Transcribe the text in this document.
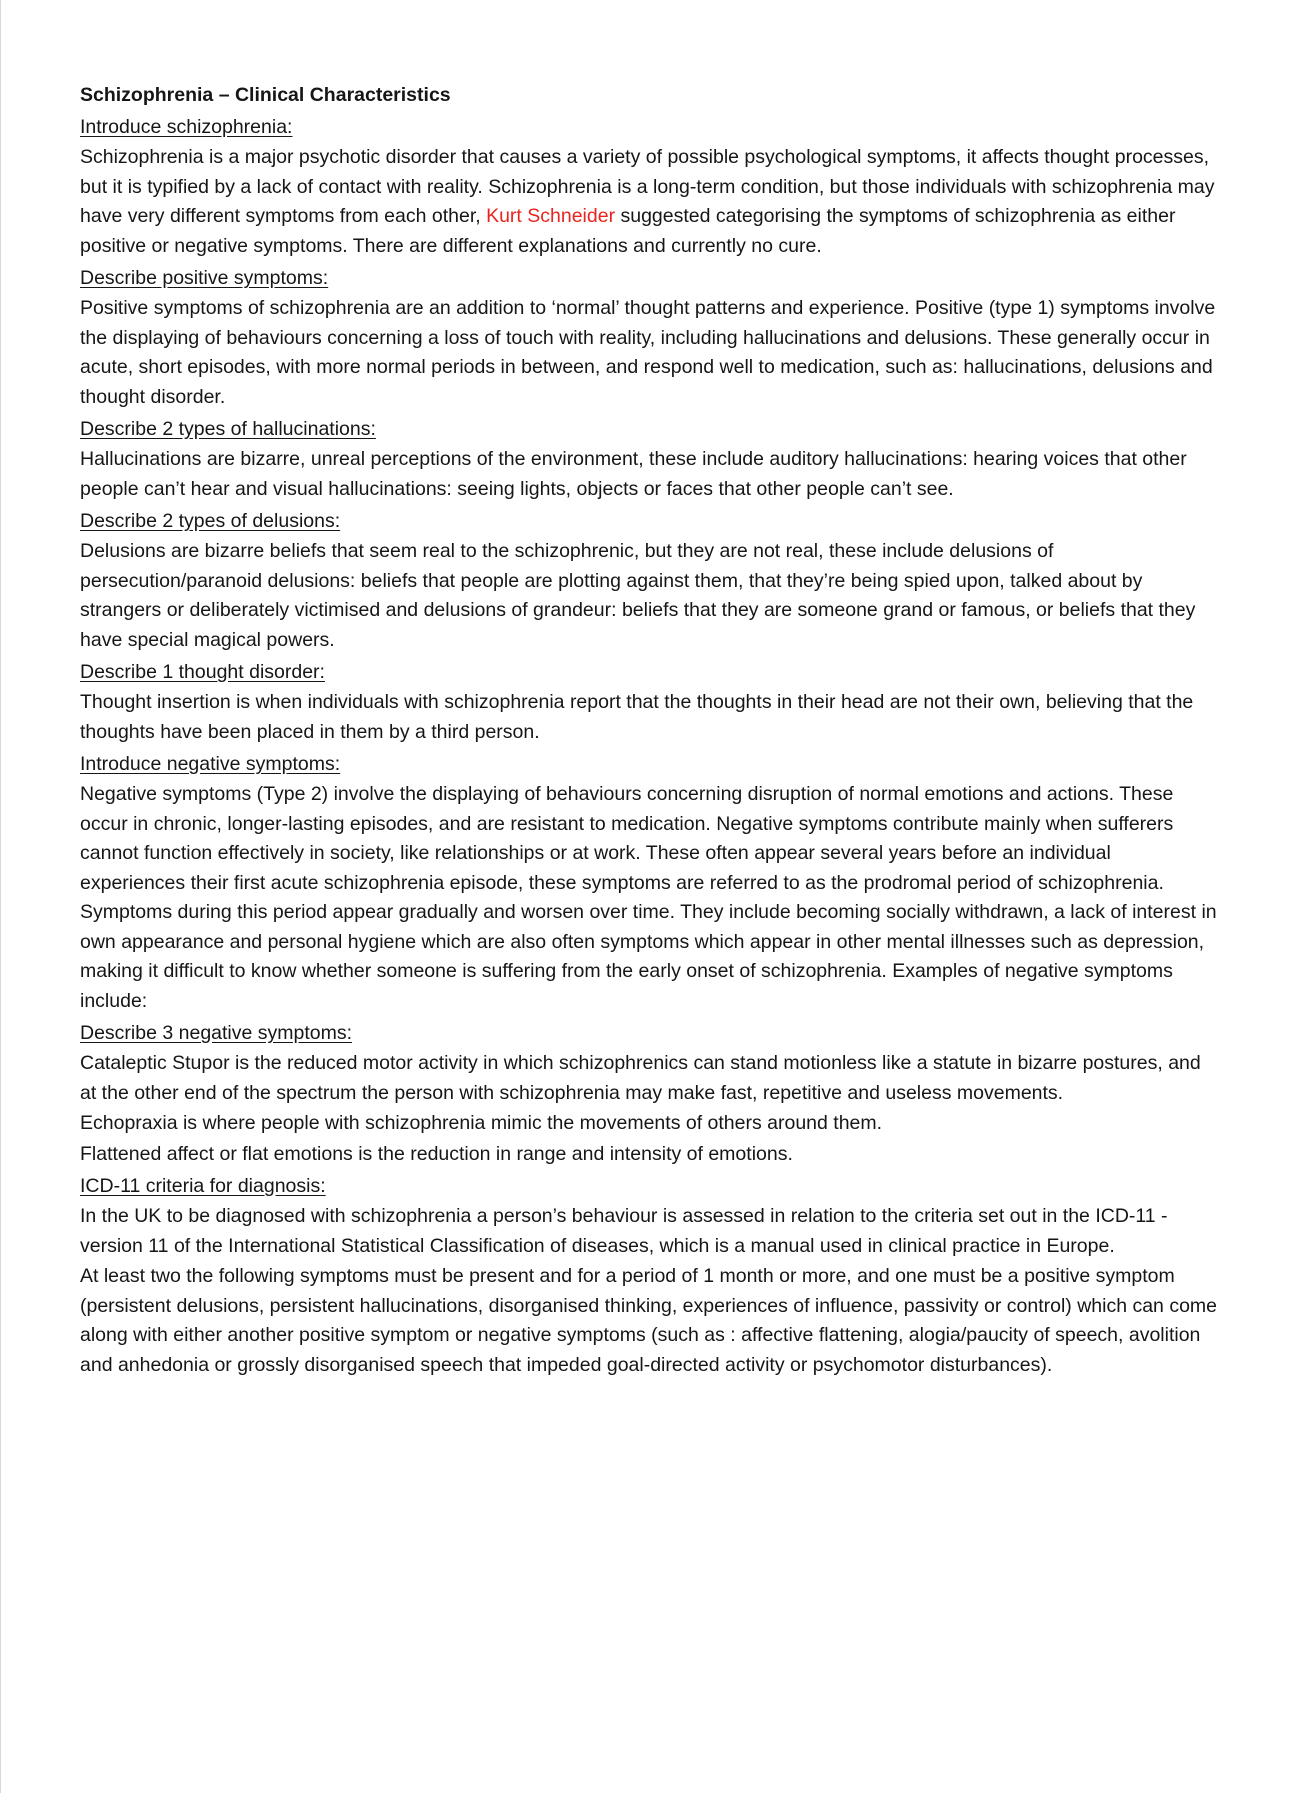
Schizophrenia – Clinical Characteristics
Introduce schizophrenia:
Schizophrenia is a major psychotic disorder that causes a variety of possible psychological symptoms, it affects thought processes, but it is typified by a lack of contact with reality. Schizophrenia is a long-term condition, but those individuals with schizophrenia may have very different symptoms from each other, Kurt Schneider suggested categorising the symptoms of schizophrenia as either positive or negative symptoms. There are different explanations and currently no cure.
Describe positive symptoms:
Positive symptoms of schizophrenia are an addition to ‘normal’ thought patterns and experience. Positive (type 1) symptoms involve the displaying of behaviours concerning a loss of touch with reality, including hallucinations and delusions. These generally occur in acute, short episodes, with more normal periods in between, and respond well to medication, such as: hallucinations, delusions and thought disorder.
Describe 2 types of hallucinations:
Hallucinations are bizarre, unreal perceptions of the environment, these include auditory hallucinations: hearing voices that other people can’t hear and visual hallucinations: seeing lights, objects or faces that other people can’t see.
Describe 2 types of delusions:
Delusions are bizarre beliefs that seem real to the schizophrenic, but they are not real, these include delusions of persecution/paranoid delusions: beliefs that people are plotting against them, that they’re being spied upon, talked about by strangers or deliberately victimised and delusions of grandeur: beliefs that they are someone grand or famous, or beliefs that they have special magical powers.
Describe 1 thought disorder:
Thought insertion is when individuals with schizophrenia report that the thoughts in their head are not their own, believing that the thoughts have been placed in them by a third person.
Introduce negative symptoms:
Negative symptoms (Type 2) involve the displaying of behaviours concerning disruption of normal emotions and actions. These occur in chronic, longer-lasting episodes, and are resistant to medication. Negative symptoms contribute mainly when sufferers cannot function effectively in society, like relationships or at work. These often appear several years before an individual experiences their first acute schizophrenia episode, these symptoms are referred to as the prodromal period of schizophrenia. Symptoms during this period appear gradually and worsen over time. They include becoming socially withdrawn, a lack of interest in own appearance and personal hygiene which are also often symptoms which appear in other mental illnesses such as depression, making it difficult to know whether someone is suffering from the early onset of schizophrenia. Examples of negative symptoms include:
Describe 3 negative symptoms:
Cataleptic Stupor is the reduced motor activity in which schizophrenics can stand motionless like a statute in bizarre postures, and at the other end of the spectrum the person with schizophrenia may make fast, repetitive and useless movements.
Echopraxia is where people with schizophrenia mimic the movements of others around them.
Flattened affect or flat emotions is the reduction in range and intensity of emotions.
ICD-11 criteria for diagnosis:
In the UK to be diagnosed with schizophrenia a person’s behaviour is assessed in relation to the criteria set out in the ICD-11 - version 11 of the International Statistical Classification of diseases, which is a manual used in clinical practice in Europe.
At least two the following symptoms must be present and for a period of 1 month or more, and one must be a positive symptom (persistent delusions, persistent hallucinations, disorganised thinking, experiences of influence, passivity or control) which can come along with either another positive symptom or negative symptoms (such as : affective flattening, alogia/paucity of speech, avolition and anhedonia or grossly disorganised speech that impeded goal-directed activity or psychomotor disturbances).
